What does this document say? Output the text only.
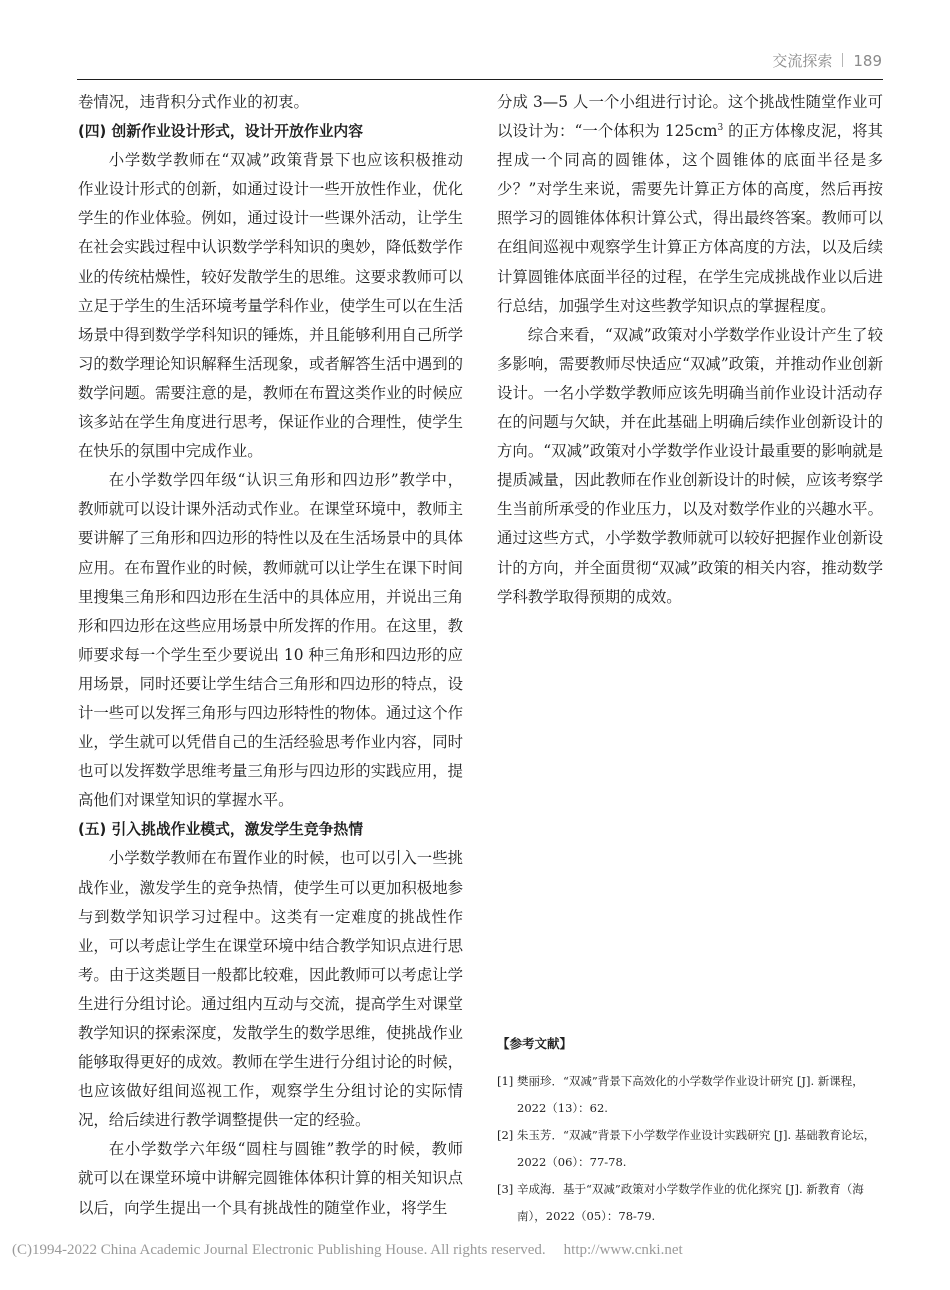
交流探索 189

卷情况，违背积分式作业的初衷。

(四) 创新作业设计形式，设计开放作业内容

小学数学教师在“双减”政策背景下也应该积极推动作业设计形式的创新，如通过设计一些开放性作业，优化学生的作业体验。例如，通过设计一些课外活动，让学生在社会实践过程中认识数学学科知识的奥妙，降低数学作业的传统枯燥性，较好发散学生的思维。这要求教师可以立足于学生的生活环境考量学科作业，使学生可以在生活场景中得到数学学科知识的锤炼，并且能够利用自己所学习的数学理论知识解释生活现象，或者解答生活中遇到的数学问题。需要注意的是，教师在布置这类作业的时候应该多站在学生角度进行思考，保证作业的合理性，使学生在快乐的氛围中完成作业。

在小学数学四年级“认识三角形和四边形”教学中，教师就可以设计课外活动式作业。在课堂环境中，教师主要讲解了三角形和四边形的特性以及在生活场景中的具体应用。在布置作业的时候，教师就可以让学生在课下时间里搜集三角形和四边形在生活中的具体应用，并说出三角形和四边形在这些应用场景中所发挥的作用。在这里，教师要求每一个学生至少要说出 10 种三角形和四边形的应用场景，同时还要让学生结合三角形和四边形的特点，设计一些可以发挥三角形与四边形特性的物体。通过这个作业，学生就可以凭借自己的生活经验思考作业内容，同时也可以发挥数学思维考量三角形与四边形的实践应用，提高他们对课堂知识的掌握水平。

(五) 引入挑战作业模式，激发学生竞争热情

小学数学教师在布置作业的时候，也可以引入一些挑战作业，激发学生的竞争热情，使学生可以更加积极地参与到数学知识学习过程中。这类有一定难度的挑战性作业，可以考虑让学生在课堂环境中结合教学知识点进行思考。由于这类题目一般都比较难，因此教师可以考虑让学生进行分组讨论。通过组内互动与交流，提高学生对课堂教学知识的探索深度，发散学生的数学思维，使挑战作业能够取得更好的成效。教师在学生进行分组讨论的时候，也应该做好组间巡视工作，观察学生分组讨论的实际情况，给后续进行教学调整提供一定的经验。

在小学数学六年级“圆柱与圆锥”教学的时候，教师就可以在课堂环境中讲解完圆锥体体积计算的相关知识点以后，向学生提出一个具有挑战性的随堂作业，将学生

分成 3—5 人一个小组进行讨论。这个挑战性随堂作业可以设计为：“一个体积为 $125cm^3$ 的正方体橡皮泥，将其捏成一个同高的圆锥体，这个圆锥体的底面半径是多少？”对学生来说，需要先计算正方体的高度，然后再按照学习的圆锥体体积计算公式，得出最终答案。教师可以在组间巡视中观察学生计算正方体高度的方法，以及后续计算圆锥体底面半径的过程，在学生完成挑战作业以后进行总结，加强学生对这些教学知识点的掌握程度。

综合来看，“双减”政策对小学数学作业设计产生了较多影响，需要教师尽快适应“双减”政策，并推动作业创新设计。一名小学数学教师应该先明确当前作业设计活动存在的问题与欠缺，并在此基础上明确后续作业创新设计的方向。“双减”政策对小学数学作业设计最重要的影响就是提质减量，因此教师在作业创新设计的时候，应该考察学生当前所承受的作业压力，以及对数学作业的兴趣水平。通过这些方式，小学数学教师就可以较好把握作业创新设计的方向，并全面贯彻“双减”政策的相关内容，推动数学学科教学取得预期的成效。

【参考文献】
[1] 樊丽珍．“双减”背景下高效化的小学数学作业设计研究 [J]. 新课程，2022（13）：62.
[2] 朱玉芳．“双减”背景下小学数学作业设计实践研究 [J]. 基础教育论坛，2022（06）：77-78.
[3] 辛成海．基于“双减”政策对小学数学作业的优化探究 [J]. 新教育（海南），2022（05）：78-79.
(C)1994-2022 China Academic Journal Electronic Publishing House. All rights reserved. http://www.cnki.net
